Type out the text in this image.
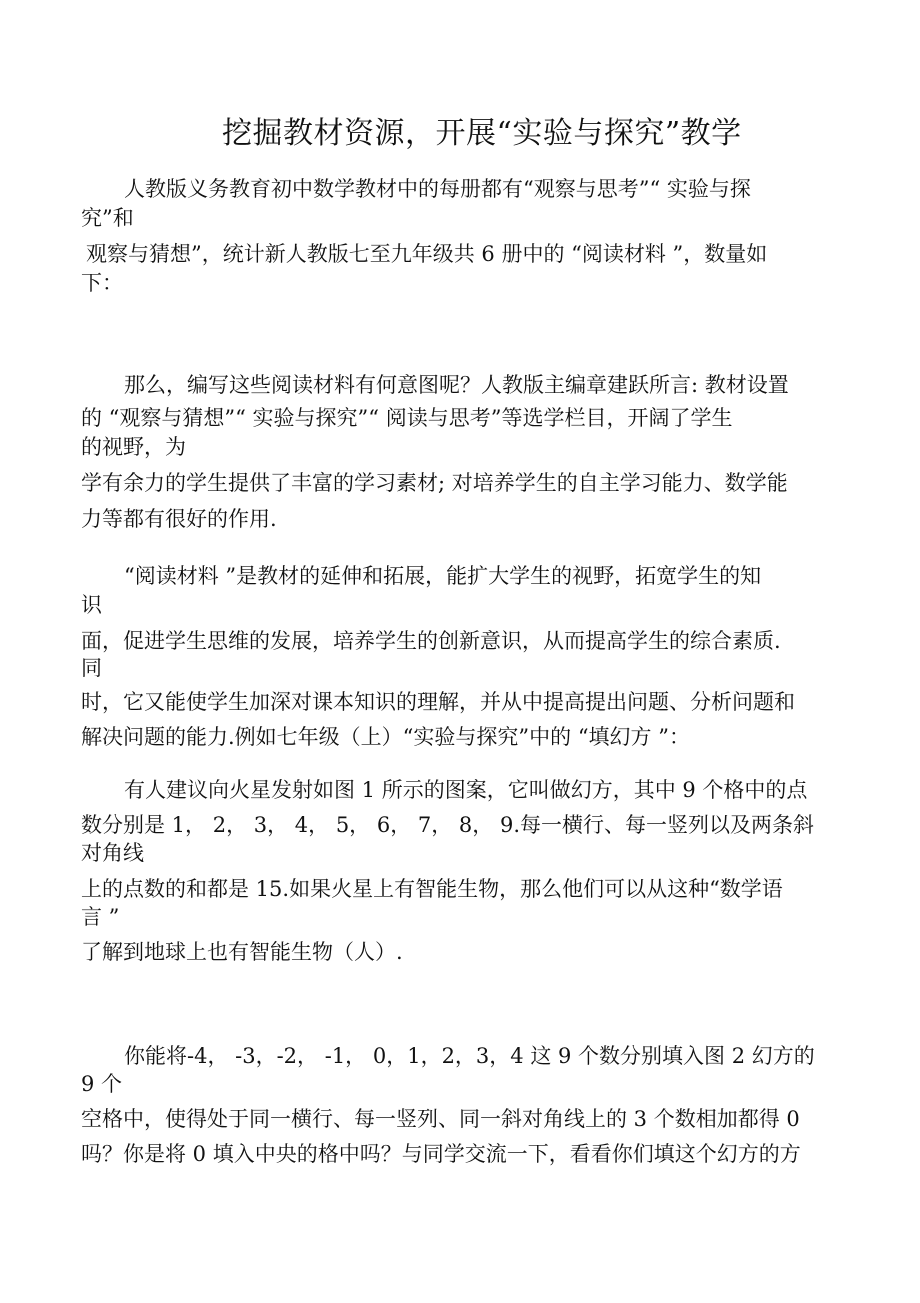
挖掘教材资源，开展“实验与探究”教学
人教版义务教育初中数学教材中的每册都有“观察与思考”“ 实验与探
究”和
观察与猜想”，统计新人教版七至九年级共 6 册中的 “阅读材料 ”，数量如
下：
那么，编写这些阅读材料有何意图呢？人教版主编章建跃所言: 教材设置
的 “观察与猜想”“ 实验与探究”“ 阅读与思考”等选学栏目，开阔了学生
的视野，为
学有余力的学生提供了丰富的学习素材; 对培养学生的自主学习能力、数学能
力等都有很好的作用.
“阅读材料 ”是教材的延伸和拓展，能扩大学生的视野，拓宽学生的知
识
面，促进学生思维的发展，培养学生的创新意识，从而提高学生的综合素质.
同
时，它又能使学生加深对课本知识的理解，并从中提高提出问题、分析问题和
解决问题的能力.例如七年级（上）“实验与探究”中的 “填幻方 ”：
有人建议向火星发射如图 1 所示的图案，它叫做幻方，其中 9 个格中的点
数分别是 1， 2， 3， 4， 5， 6， 7， 8， 9.每一横行、每一竖列以及两条斜
对角线
上的点数的和都是 15.如果火星上有智能生物，那么他们可以从这种“数学语
言 ”
了解到地球上也有智能生物（人）.
你能将-4， -3，-2， -1， 0，1，2，3，4 这 9 个数分别填入图 2 幻方的
9 个
空格中，使得处于同一横行、每一竖列、同一斜对角线上的 3 个数相加都得 0
吗？你是将 0 填入中央的格中吗？与同学交流一下，看看你们填这个幻方的方
